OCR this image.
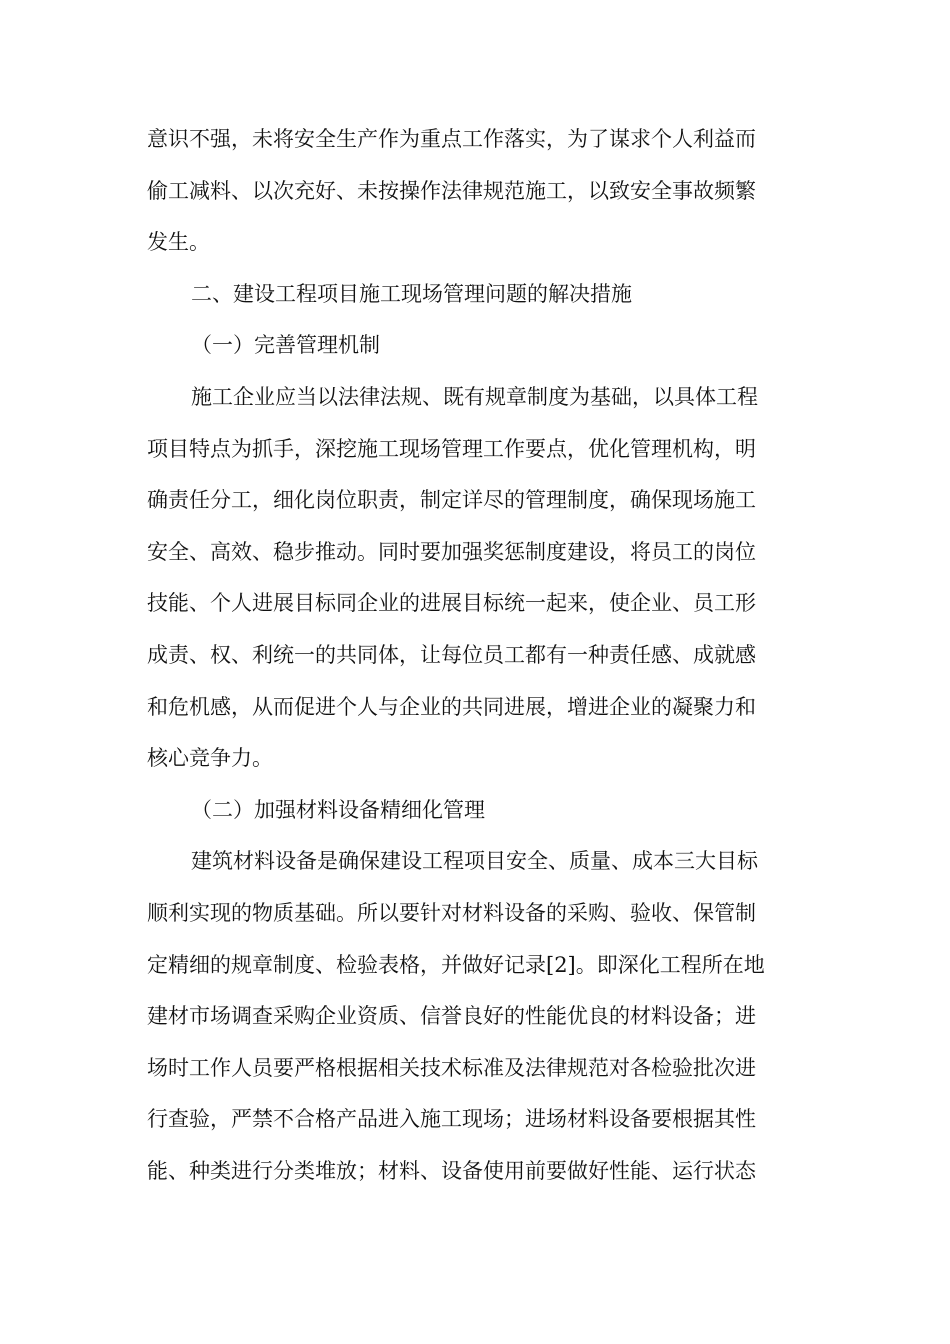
意识不强，未将安全生产作为重点工作落实，为了谋求个人利益而
偷工减料、以次充好、未按操作法律规范施工，以致安全事故频繁
发生。
二、建设工程项目施工现场管理问题的解决措施
（一）完善管理机制
施工企业应当以法律法规、既有规章制度为基础，以具体工程
项目特点为抓手，深挖施工现场管理工作要点，优化管理机构，明
确责任分工，细化岗位职责，制定详尽的管理制度，确保现场施工
安全、高效、稳步推动。同时要加强奖惩制度建设，将员工的岗位
技能、个人进展目标同企业的进展目标统一起来，使企业、员工形
成责、权、利统一的共同体，让每位员工都有一种责任感、成就感
和危机感，从而促进个人与企业的共同进展，增进企业的凝聚力和
核心竞争力。
（二）加强材料设备精细化管理
建筑材料设备是确保建设工程项目安全、质量、成本三大目标
顺利实现的物质基础。所以要针对材料设备的采购、验收、保管制
定精细的规章制度、检验表格，并做好记录[2]。即深化工程所在地
建材市场调查采购企业资质、信誉良好的性能优良的材料设备；进
场时工作人员要严格根据相关技术标准及法律规范对各检验批次进
行查验，严禁不合格产品进入施工现场；进场材料设备要根据其性
能、种类进行分类堆放；材料、设备使用前要做好性能、运行状态
